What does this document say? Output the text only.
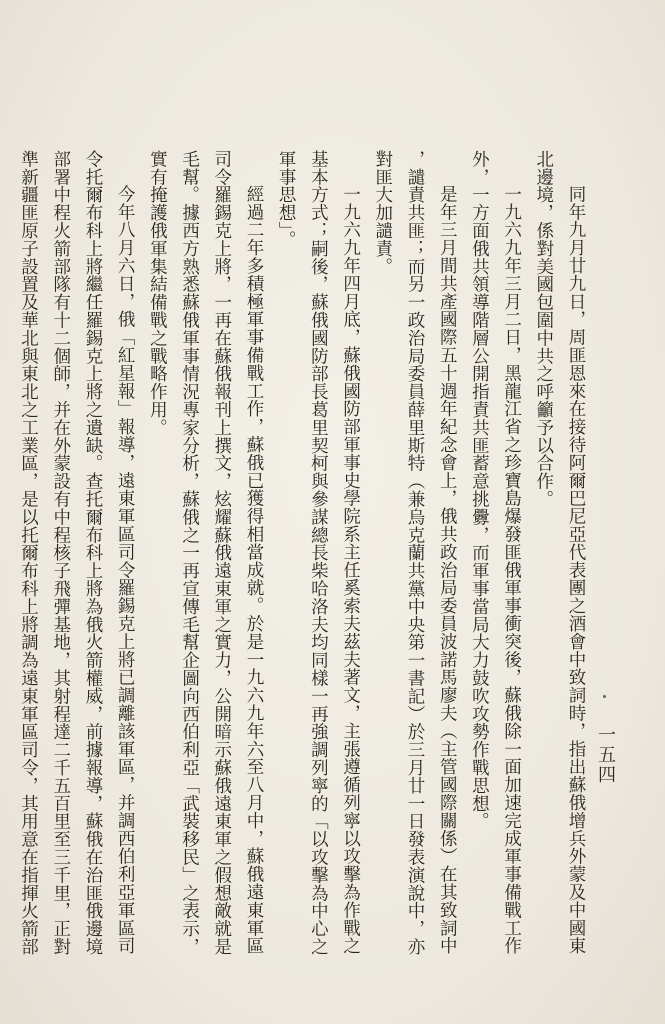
一五四
同年九月廿九日，周匪恩來在接待阿爾巴尼亞代表團之酒會中致詞時，指出蘇俄增兵外蒙及中國東
北邊境，係對美國包圍中共之呼籲予以合作。
一九六九年三月二日，黑龍江省之珍寶島爆發匪俄軍事衝突後，蘇俄除一面加速完成軍事備戰工作
外，一方面俄共領導階層公開指責共匪蓄意挑釁，而軍事當局大力鼓吹攻勢作戰思想。
是年三月間共產國際五十週年紀念會上，俄共政治局委員波諾馬廖夫（主管國際關係）在其致詞中
，譴責共匪；而另一政治局委員薛里斯特（兼烏克蘭共黨中央第一書記）於三月廿一日發表演說中，亦
對匪大加譴責。
一九六九年四月底，蘇俄國防部軍事史學院系主任奚索夫茲夫著文，主張遵循列寧以攻擊為作戰之
基本方式；嗣後，蘇俄國防部長葛里契柯與參謀總長柴哈洛夫均同樣一再強調列寧的「以攻擊為中心之
軍事思想」。
經過二年多積極軍事備戰工作，蘇俄已獲得相當成就。於是一九六九年六至八月中，蘇俄遠東軍區
司令羅錫克上將，一再在蘇俄報刊上撰文，炫耀蘇俄遠東軍之實力，公開暗示蘇俄遠東軍之假想敵就是
毛幫。據西方熟悉蘇俄軍事情況專家分析，蘇俄之一再宣傳毛幫企圖向西伯利亞「武裝移民」之表示，
實有掩護俄軍集結備戰之戰略作用。
今年八月六日，俄「紅星報」報導，遠東軍區司令羅錫克上將已調離該軍區，并調西伯利亞軍區司
令托爾布科上將繼任羅錫克上將之遺缺。查托爾布科上將為俄火箭權威，前據報導，蘇俄在治匪俄邊境
部署中程火箭部隊有十二個師，并在外蒙設有中程核子飛彈基地，其射程達二千五百里至三千里，正對
準新疆匪原子設置及華北與東北之工業區，是以托爾布科上將調為遠東軍區司令，其用意在指揮火箭部
